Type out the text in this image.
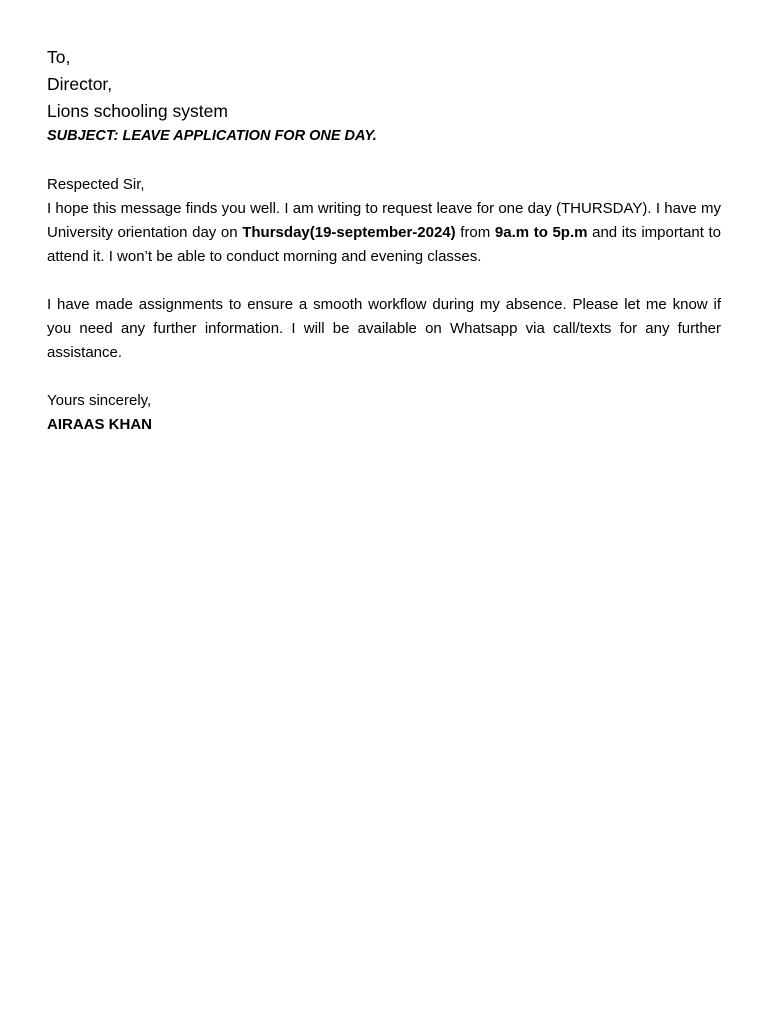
To,

Director,

Lions schooling system

SUBJECT: LEAVE APPLICATION FOR ONE DAY.

Respected Sir,

I hope this message finds you well. I am writing to request leave for one day (THURSDAY). I have my University orientation day on Thursday(19-september-2024) from 9a.m to 5p.m and its important to attend it. I won’t be able to conduct morning and evening classes.

I have made assignments to ensure a smooth workflow during my absence. Please let me know if you need any further information. I will be available on Whatsapp via call/texts for any further assistance.

Yours sincerely,

AIRAAS KHAN
